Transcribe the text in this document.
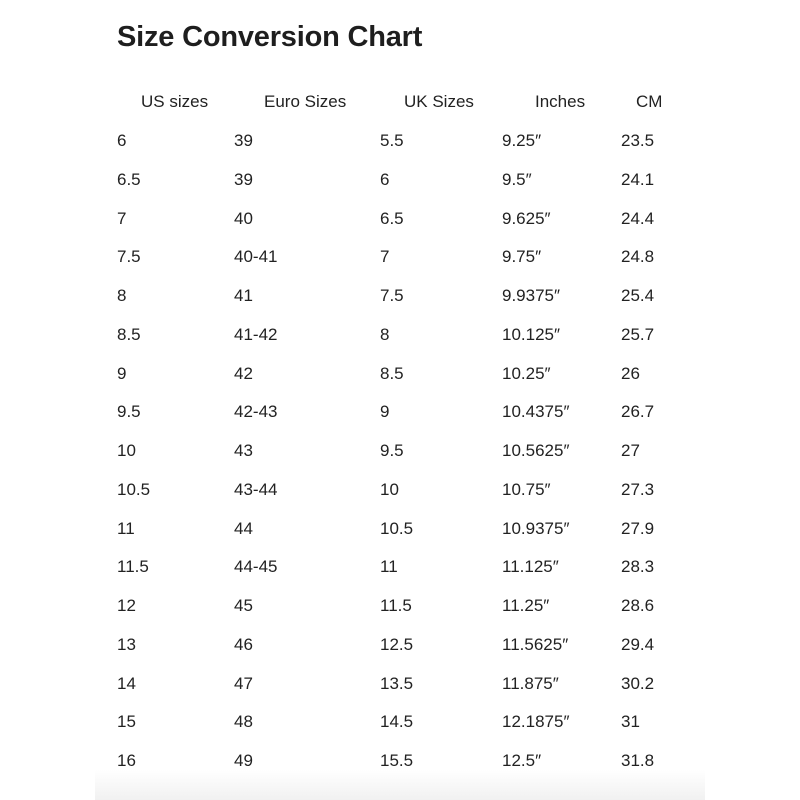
Size Conversion Chart
US sizes	Euro Sizes	UK Sizes	Inches	CM
6	39	5.5	9.25″	23.5
6.5	39	6	9.5″	24.1
7	40	6.5	9.625″	24.4
7.5	40-41	7	9.75″	24.8
8	41	7.5	9.9375″	25.4
8.5	41-42	8	10.125″	25.7
9	42	8.5	10.25″	26
9.5	42-43	9	10.4375″	26.7
10	43	9.5	10.5625″	27
10.5	43-44	10	10.75″	27.3
11	44	10.5	10.9375″	27.9
11.5	44-45	11	11.125″	28.3
12	45	11.5	11.25″	28.6
13	46	12.5	11.5625″	29.4
14	47	13.5	11.875″	30.2
15	48	14.5	12.1875″	31
16	49	15.5	12.5″	31.8
